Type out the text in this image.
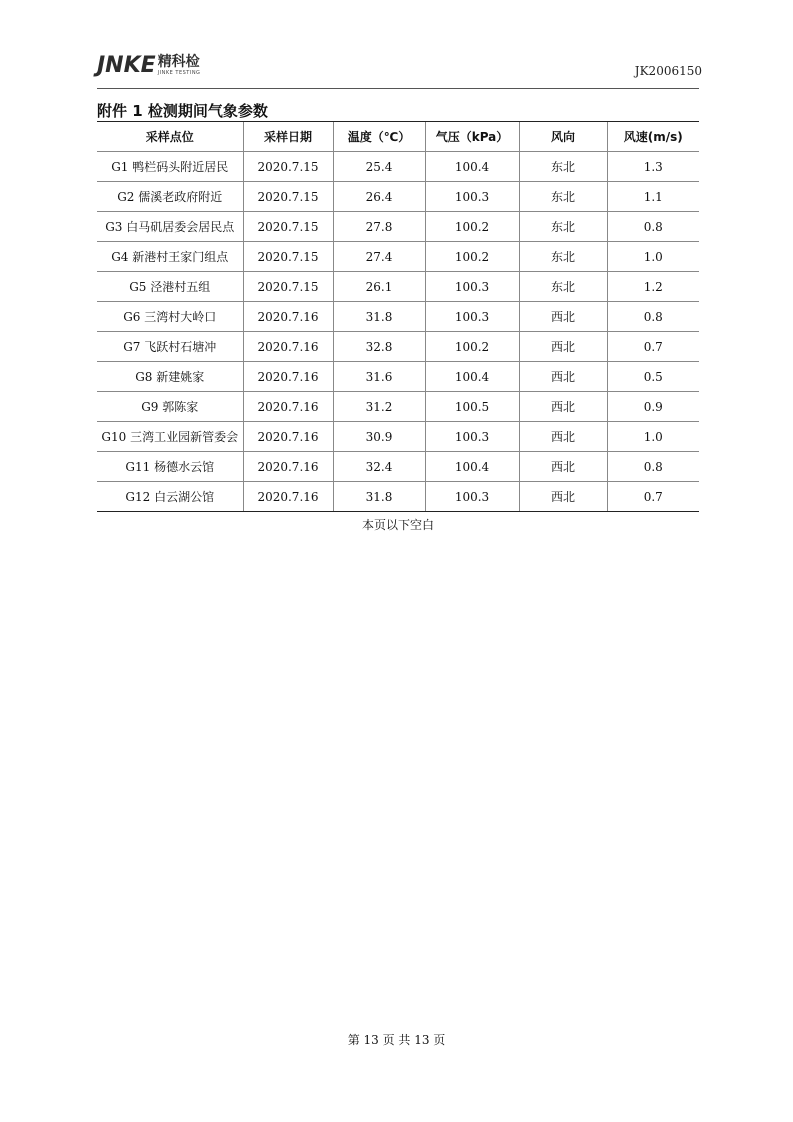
JNKE 精科检
JINKE TESTING	JK2006150
附件 1 检测期间气象参数
采样点位	采样日期	温度（℃）	气压（kPa）	风向	风速(m/s)
G1 鸭栏码头附近居民	2020.7.15	25.4	100.4	东北	1.3
G2 儒溪老政府附近	2020.7.15	26.4	100.3	东北	1.1
G3 白马矶居委会居民点	2020.7.15	27.8	100.2	东北	0.8
G4 新港村王家门组点	2020.7.15	27.4	100.2	东北	1.0
G5 泾港村五组	2020.7.15	26.1	100.3	东北	1.2
G6 三湾村大岭口	2020.7.16	31.8	100.3	西北	0.8
G7 飞跃村石塘冲	2020.7.16	32.8	100.2	西北	0.7
G8 新建姚家	2020.7.16	31.6	100.4	西北	0.5
G9 郭陈家	2020.7.16	31.2	100.5	西北	0.9
G10 三湾工业园新管委会	2020.7.16	30.9	100.3	西北	1.0
G11 杨德水云馆	2020.7.16	32.4	100.4	西北	0.8
G12 白云湖公馆	2020.7.16	31.8	100.3	西北	0.7
本页以下空白
第 13 页 共 13 页
